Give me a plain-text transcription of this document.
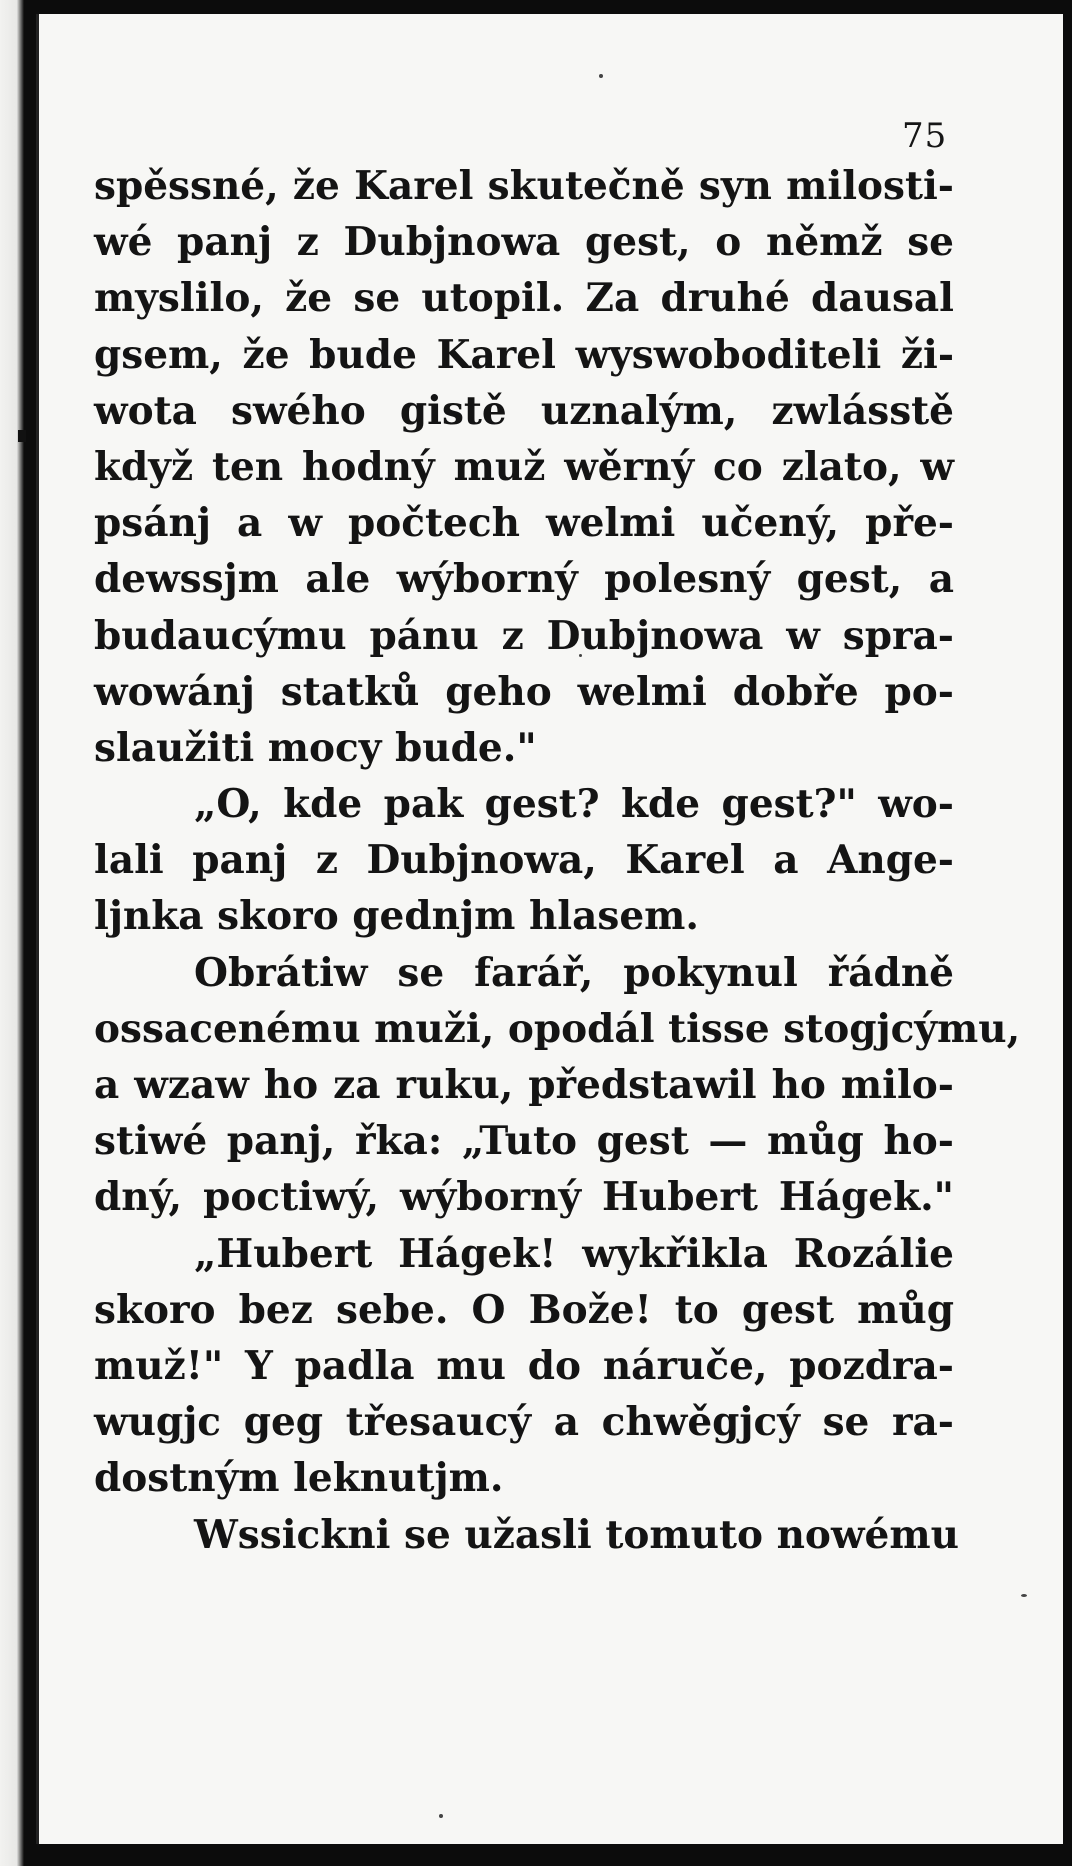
75
spěssné, že Karel skutečně syn milosti-
wé panj z Dubjnowa gest, o němž se
myslilo, že se utopil. Za druhé dausal
gsem, že bude Karel wyswoboditeli ži-
wota swého gistě uznalým, zwlásstě
když ten hodný muž wěrný co zlato, w
psánj a w počtech welmi učený, pře-
dewssjm ale wýborný polesný gest, a
budaucýmu pánu z Dubjnowa w spra-
wowánj statků geho welmi dobře po-
slaužiti mocy bude."
„O, kde pak gest? kde gest?" wo-
lali panj z Dubjnowa, Karel a Ange-
ljnka skoro gednjm hlasem.
Obrátiw se farář, pokynul řádně
ossacenému muži, opodál tisse stogjcýmu,
a wzaw ho za ruku, předstawil ho milo-
stiwé panj, řka: „Tuto gest — můg ho-
dný, poctiwý, wýborný Hubert Hágek."
„Hubert Hágek! wykřikla Rozálie
skoro bez sebe. O Bože! to gest můg
muž!" Y padla mu do náruče, pozdra-
wugjc geg třesaucý a chwěgjcý se ra-
dostným leknutjm.
Wssickni se užasli tomuto nowému
